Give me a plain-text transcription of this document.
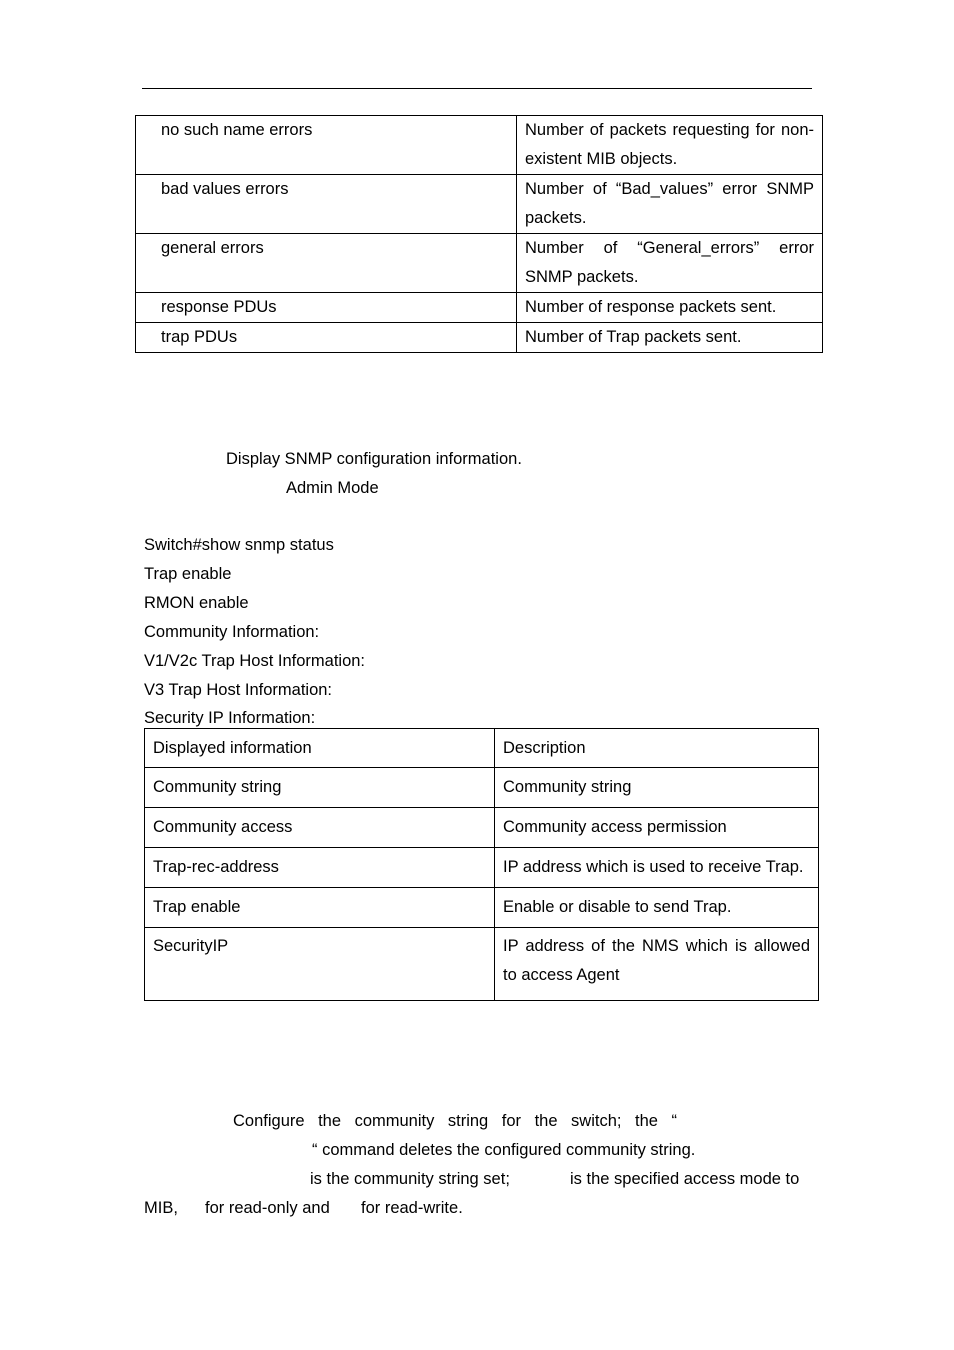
no such name errors	Number of packets requesting for non-existent MIB objects.
bad values errors	Number of “Bad_values” error SNMP packets.
general errors	Number of “General_errors” error SNMP packets.
response PDUs	Number of response packets sent.
trap PDUs	Number of Trap packets sent.
Display SNMP configuration information.
Admin Mode
Switch#show snmp status
Trap enable
RMON enable
Community Information:
V1/V2c Trap Host Information:
V3 Trap Host Information:
Security IP Information:
Displayed information	Description
Community string	Community string
Community access	Community access permission
Trap-rec-address	IP address which is used to receive Trap.
Trap enable	Enable or disable to send Trap.
SecurityIP	IP address of the NMS which is allowed to access Agent
Configure the community string for the switch; the “
“ command deletes the configured community string.
is the community string set;	is the specified access mode to
MIB, for read-only and for read-write.
